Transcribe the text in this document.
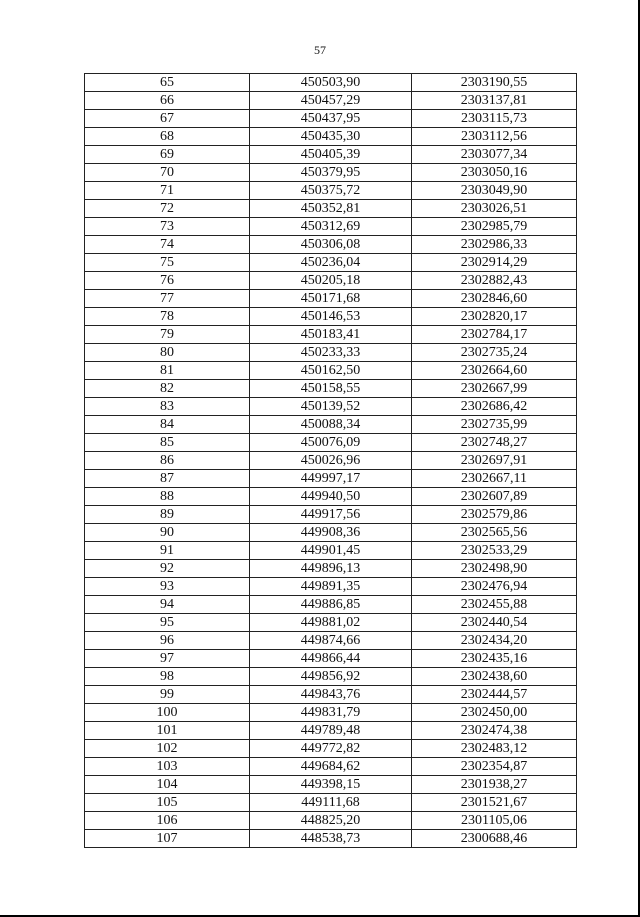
57
65	450503,90	2303190,55
66	450457,29	2303137,81
67	450437,95	2303115,73
68	450435,30	2303112,56
69	450405,39	2303077,34
70	450379,95	2303050,16
71	450375,72	2303049,90
72	450352,81	2303026,51
73	450312,69	2302985,79
74	450306,08	2302986,33
75	450236,04	2302914,29
76	450205,18	2302882,43
77	450171,68	2302846,60
78	450146,53	2302820,17
79	450183,41	2302784,17
80	450233,33	2302735,24
81	450162,50	2302664,60
82	450158,55	2302667,99
83	450139,52	2302686,42
84	450088,34	2302735,99
85	450076,09	2302748,27
86	450026,96	2302697,91
87	449997,17	2302667,11
88	449940,50	2302607,89
89	449917,56	2302579,86
90	449908,36	2302565,56
91	449901,45	2302533,29
92	449896,13	2302498,90
93	449891,35	2302476,94
94	449886,85	2302455,88
95	449881,02	2302440,54
96	449874,66	2302434,20
97	449866,44	2302435,16
98	449856,92	2302438,60
99	449843,76	2302444,57
100	449831,79	2302450,00
101	449789,48	2302474,38
102	449772,82	2302483,12
103	449684,62	2302354,87
104	449398,15	2301938,27
105	449111,68	2301521,67
106	448825,20	2301105,06
107	448538,73	2300688,46
